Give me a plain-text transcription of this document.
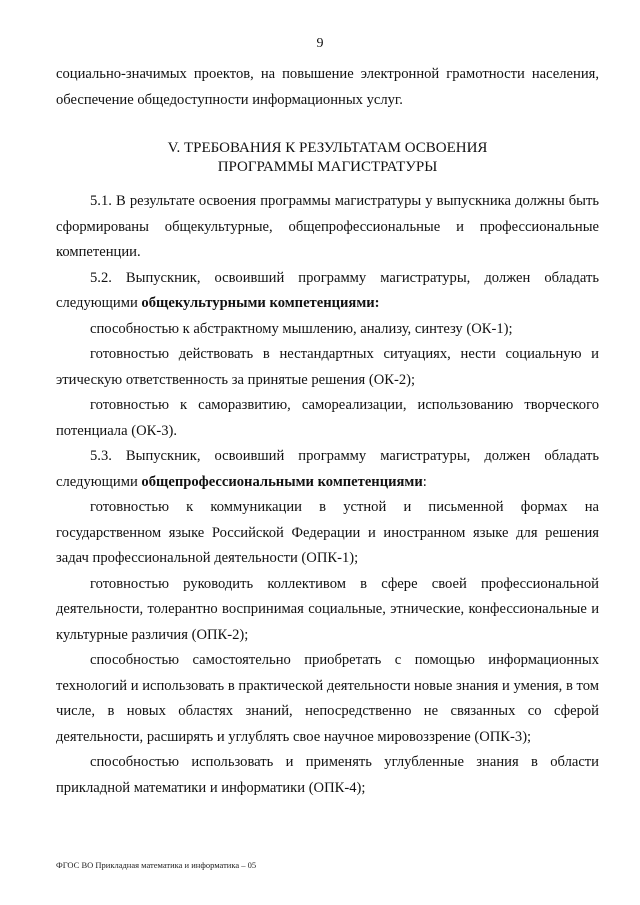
9

социально-значимых проектов, на повышение электронной грамотности населения, обеспечение общедоступности информационных услуг.

V. ТРЕБОВАНИЯ К РЕЗУЛЬТАТАМ ОСВОЕНИЯ
ПРОГРАММЫ МАГИСТРАТУРЫ

5.1. В результате освоения программы магистратуры у выпускника должны быть сформированы общекультурные, общепрофессиональные и профессиональные компетенции.

5.2. Выпускник, освоивший программу магистратуры, должен обладать следующими общекультурными компетенциями:

способностью к абстрактному мышлению, анализу, синтезу (ОК-1);

готовностью действовать в нестандартных ситуациях, нести социальную и этическую ответственность за принятые решения (ОК-2);

готовностью к саморазвитию, самореализации, использованию творческого потенциала (ОК-3).

5.3. Выпускник, освоивший программу магистратуры, должен обладать следующими общепрофессиональными компетенциями:

готовностью к коммуникации в устной и письменной формах на государственном языке Российской Федерации и иностранном языке для решения задач профессиональной деятельности (ОПК-1);

готовностью руководить коллективом в сфере своей профессиональной деятельности, толерантно воспринимая социальные, этнические, конфессиональные и культурные различия (ОПК-2);

способностью самостоятельно приобретать с помощью информационных технологий и использовать в практической деятельности новые знания и умения, в том числе, в новых областях знаний, непосредственно не связанных со сферой деятельности, расширять и углублять свое научное мировоззрение (ОПК-3);

способностью использовать и применять углубленные знания в области прикладной математики и информатики (ОПК-4);

ФГОС ВО Прикладная математика и информатика – 05
